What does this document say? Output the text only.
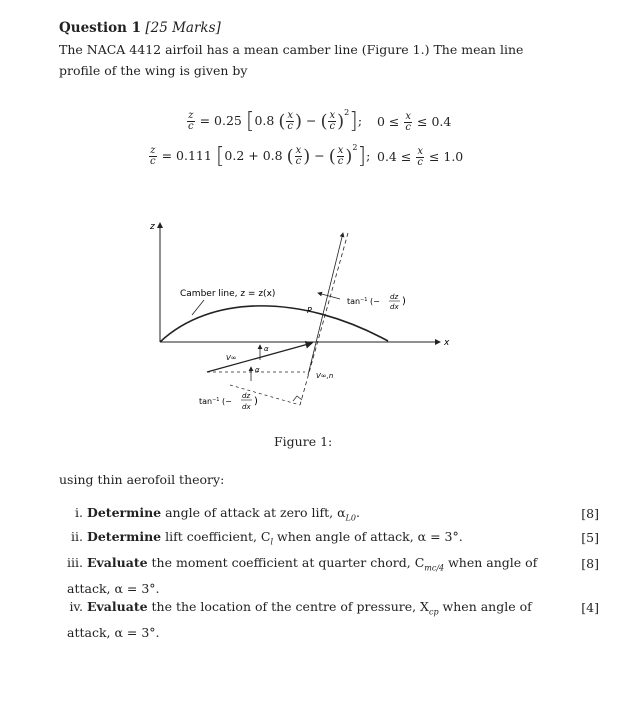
Question 1 [25 Marks]
The NACA 4412 airfoil has a mean camber line (Figure 1.) The mean line profile of the wing is given by
$\frac{z}{c} = 0.25$ [0.8 ( $\frac{x}{c}$ ) − ( $\frac{x}{c} )^2$]; $0 \le \frac{x}{c} \le 0.4$
$\frac{z}{c} = 0.111$ [0.2 + 0.8 ( $\frac{x}{c}$ ) − ( $\frac{x}{c} )^2$]; $0.4 \le \frac{x}{c} \le 1.0$
z
x
Camber line, z = z(x)
P
$\tan^{-1}$ (− dz
dx )
V∞
α
α
V∞,n
$\tan^{-1}$ (−
dz
dx )
Figure 1:
using thin aerofoil theory:
i. Determine angle of attack at zero lift, $\alpha_{L0}$.	[8]
ii. Determine lift coefficient, $C_l$ when angle of attack, α = 3°.	[5]
iii. Evaluate the moment coefficient at quarter chord, $C_{mc/4}$ when angle of attack, α = 3°.
[8]
iv. Evaluate the the location of the centre of pressure, $X_{cp}$ when angle of attack, α = 3°.
[4]
